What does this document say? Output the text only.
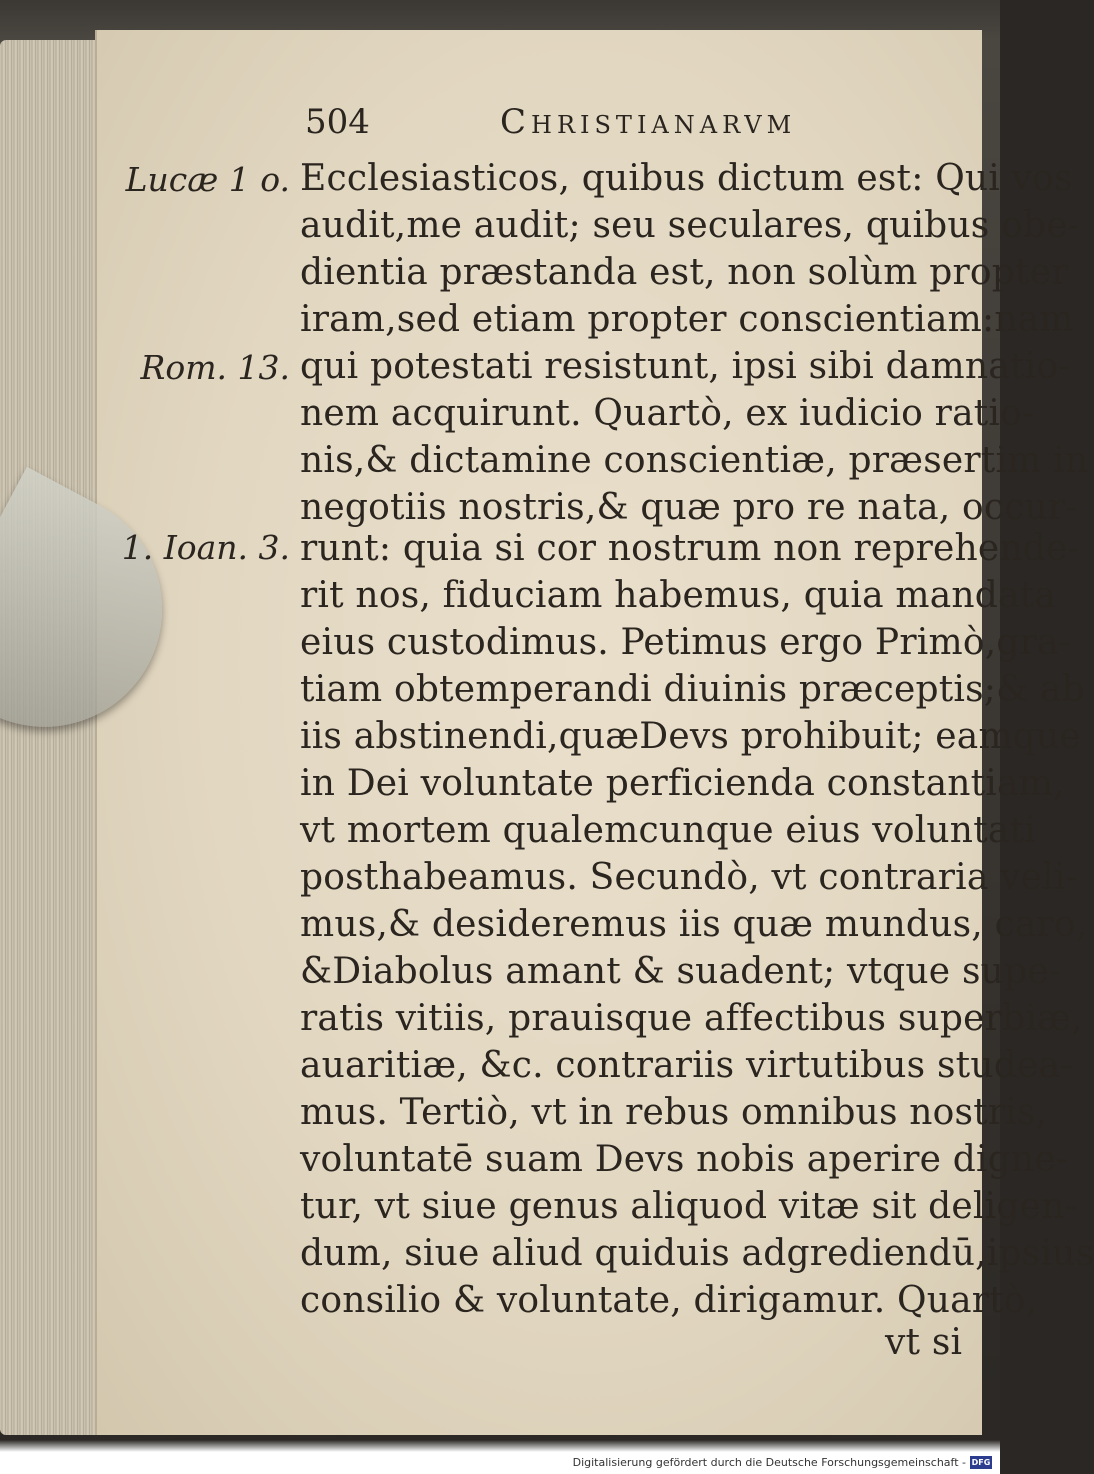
504	Christianarvm
Lucæ 1 o.
Rom. 13.
1. Ioan. 3.
Ecclesiasticos, quibus dictum est: Qui vos
audit,me audit; seu seculares, quibus obe-
dientia præstanda est, non solùm propter
iram,sed etiam propter conscientiam:nam
qui potestati resistunt, ipsi sibi damnatio-
nem acquirunt. Quartò, ex iudicio ratio-
nis,& dictamine conscientiæ, præsertim in
negotiis nostris,& quæ pro re nata, occur-
runt: quia si cor nostrum non reprehende-
rit nos, fiduciam habemus, quia mandata
eius custodimus. Petimus ergo Primò,gra-
tiam obtemperandi diuinis præceptis;& ab
iis abstinendi,quæDevs prohibuit; eamque
in Dei voluntate perficienda constantiam,
vt mortem qualemcunque eius voluntati
posthabeamus. Secundò, vt contraria veli-
mus,& desideremus iis quæ mundus, caro,
&Diabolus amant & suadent; vtque supe-
ratis vitiis, prauisque affectibus superbiæ,
auaritiæ, &c. contrariis virtutibus studea-
mus. Tertiò, vt in rebus omnibus nostris,
voluntatē suam Devs nobis aperire digne-
tur, vt siue genus aliquod vitæ sit deligen-
dum, siue aliud quiduis adgrediendū,ipsius
consilio & voluntate, dirigamur. Quartò,
vt si
Digitalisierung gefördert durch die Deutsche Forschungsgemeinschaft - DFG
